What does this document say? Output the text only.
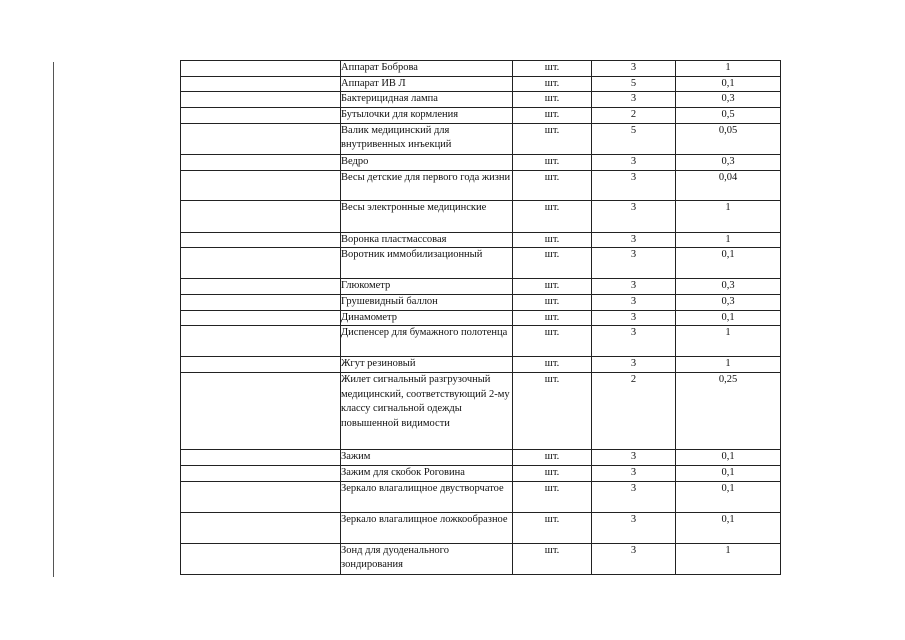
	Аппарат Боброва	шт.	3	1
	Аппарат ИВ Л	шт.	5	0,1
	Бактерицидная лампа	шт.	3	0,3
	Бутылочки для кормления	шт.	2	0,5
	Валик медицинский для внутривенных инъекций	шт.	5	0,05
	Ведро	шт.	3	0,3
	Весы детские для первого года жизни	шт.	3	0,04
	Весы электронные медицинские	шт.	3	1
	Воронка пластмассовая	шт.	3	1
	Воротник иммобилизационный	шт.	3	0,1
	Глюкометр	шт.	3	0,3
	Грушевидный баллон	шт.	3	0,3
	Динамометр	шт.	3	0,1
	Диспенсер для бумажного полотенца	шт.	3	1
	Жгут резиновый	шт.	3	1
	Жилет сигнальный разгрузочный медицинский, соответствующий 2-му классу сигнальной одежды повышенной видимости	шт.	2	0,25
	Зажим	шт.	3	0,1
	Зажим для скобок Роговина	шт.	3	0,1
	Зеркало влагалищное двустворчатое	шт.	3	0,1
	Зеркало влагалищное ложкообразное	шт.	3	0,1
	Зонд для дуоденального зондирования	шт.	3	1
